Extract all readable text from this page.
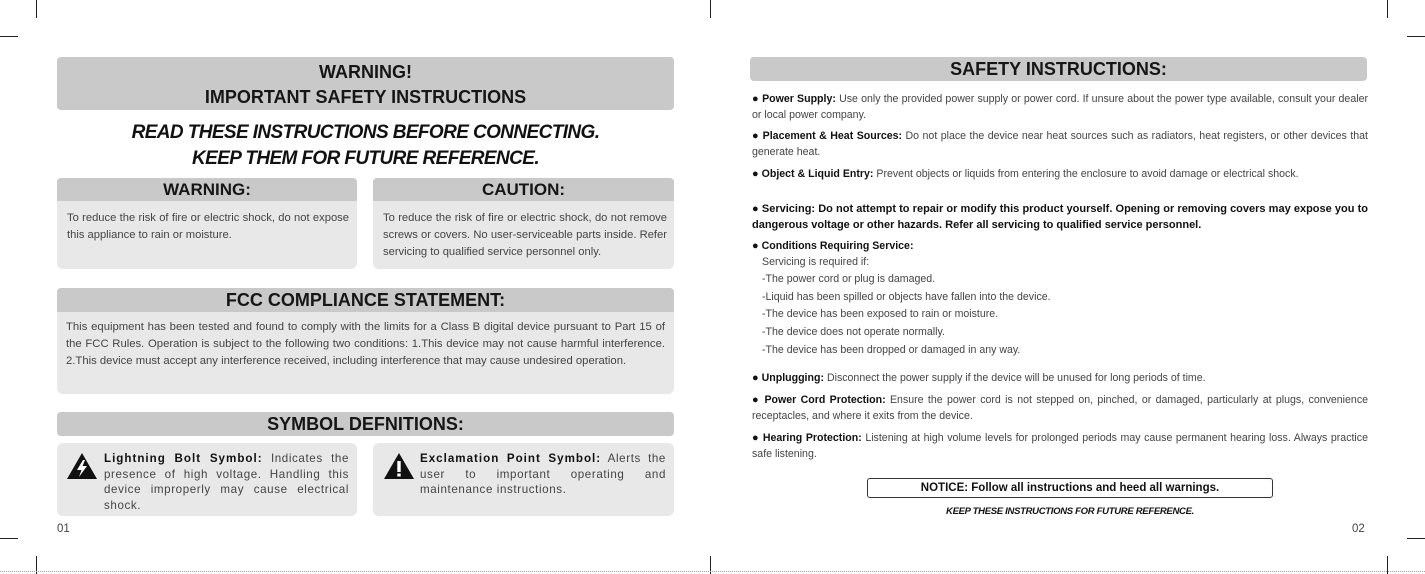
WARNING!
IMPORTANT SAFETY INSTRUCTIONS
READ THESE INSTRUCTIONS BEFORE CONNECTING.
KEEP THEM FOR FUTURE REFERENCE.
WARNING:
To reduce the risk of fire or electric shock, do not expose this appliance to rain or moisture.
CAUTION:
To reduce the risk of fire or electric shock, do not remove screws or covers. No user-serviceable parts inside. Refer servicing to qualified service personnel only.
FCC COMPLIANCE STATEMENT:
This equipment has been tested and found to comply with the limits for a Class B digital device pursuant to Part 15 of the FCC Rules. Operation is subject to the following two conditions: 1.This device may not cause harmful interference. 2.This device must accept any interference received, including interference that may cause undesired operation.
SYMBOL DEFNITIONS:
Lightning Bolt Symbol: Indicates the presence of high voltage. Handling this device improperly may cause electrical shock.
Exclamation Point Symbol: Alerts the user to important operating and maintenance instructions.
01
SAFETY INSTRUCTIONS:
● Power Supply: Use only the provided power supply or power cord. If unsure about the power type available, consult your dealer or local power company.
● Placement & Heat Sources: Do not place the device near heat sources such as radiators, heat registers, or other devices that generate heat.
● Object & Liquid Entry: Prevent objects or liquids from entering the enclosure to avoid damage or electrical shock.
● Servicing: Do not attempt to repair or modify this product yourself. Opening or removing covers may expose you to dangerous voltage or other hazards. Refer all servicing to qualified service personnel.
● Conditions Requiring Service:
Servicing is required if:
-The power cord or plug is damaged.
-Liquid has been spilled or objects have fallen into the device.
-The device has been exposed to rain or moisture.
-The device does not operate normally.
-The device has been dropped or damaged in any way.
● Unplugging: Disconnect the power supply if the device will be unused for long periods of time.
● Power Cord Protection: Ensure the power cord is not stepped on, pinched, or damaged, particularly at plugs, convenience receptacles, and where it exits from the device.
● Hearing Protection: Listening at high volume levels for prolonged periods may cause permanent hearing loss. Always practice safe listening.
NOTICE: Follow all instructions and heed all warnings.
KEEP THESE INSTRUCTIONS FOR FUTURE REFERENCE.
02
